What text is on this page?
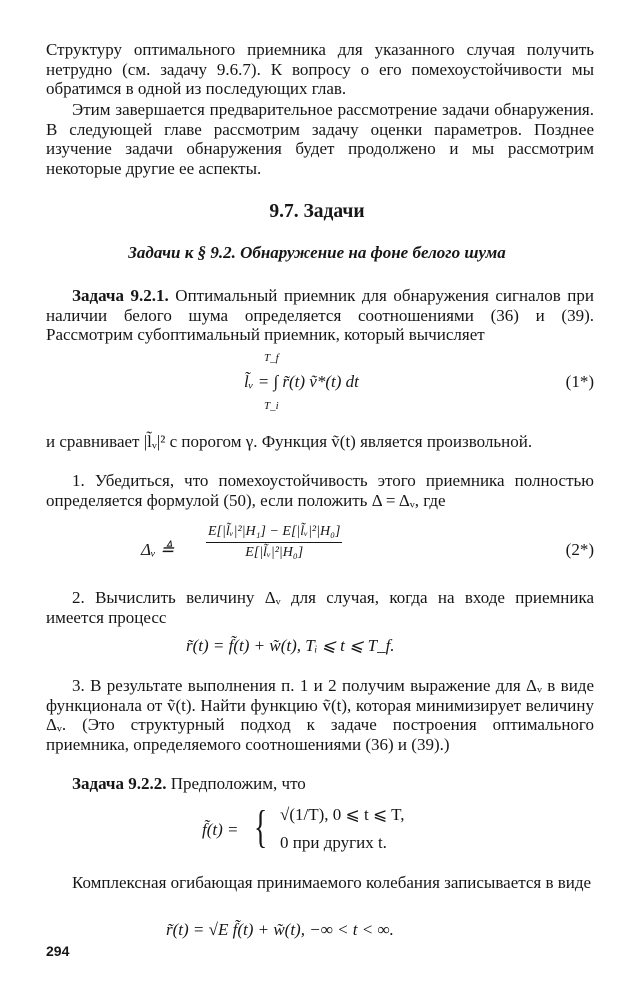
Структуру оптимального приемника для указанного случая получить нетрудно (см. задачу 9.6.7). К вопросу о его помехоустойчивости мы обратимся в одной из последующих глав.

Этим завершается предварительное рассмотрение задачи обнаружения. В следующей главе рассмотрим задачу оценки параметров. Позднее изучение задачи обнаружения будет продолжено и мы рассмотрим некоторые другие ее аспекты.

9.7. Задачи
Задачи к § 9.2. Обнаружение на фоне белого шума

Задача 9.2.1. Оптимальный приемник для обнаружения сигналов при наличии белого шума определяется соотношениями (36) и (39). Рассмотрим субоптимальный приемник, который вычисляет

T_f
T_i
l̃ᵥ = ∫ r̃(t) ṽ*(t) dt	(1*)

и сравнивает |l̃ᵥ|² с порогом γ. Функция ṽ(t) является произвольной.

1. Убедиться, что помехоустойчивость этого приемника полностью определяется формулой (50), если положить Δ = Δᵥ, где

Δᵥ ≜ $\frac{\text{E[|l̃ᵥ|²|H₁] − E[|l̃ᵥ|²|H₀]}}{\text{E[|l̃ᵥ|²|H₀]}}$	(2*)

2. Вычислить величину Δᵥ для случая, когда на входе приемника имеется процесс

r̃(t) = f̃(t) + w̃(t), Tᵢ ⩽ t ⩽ T_f.

3. В результате выполнения п. 1 и 2 получим выражение для Δᵥ в виде функционала от ṽ(t). Найти функцию ṽ(t), которая минимизирует величину Δᵥ. (Это структурный подход к задаче построения оптимального приемника, определяемого соотношениями (36) и (39).)

Задача 9.2.2. Предположим, что

f̃(t) = { √(1/T), 0 ⩽ t ⩽ T,
0 при других t.

Комплексная огибающая принимаемого колебания записывается в виде

r̃(t) = √E f̃(t) + w̃(t), −∞ < t < ∞.
294
